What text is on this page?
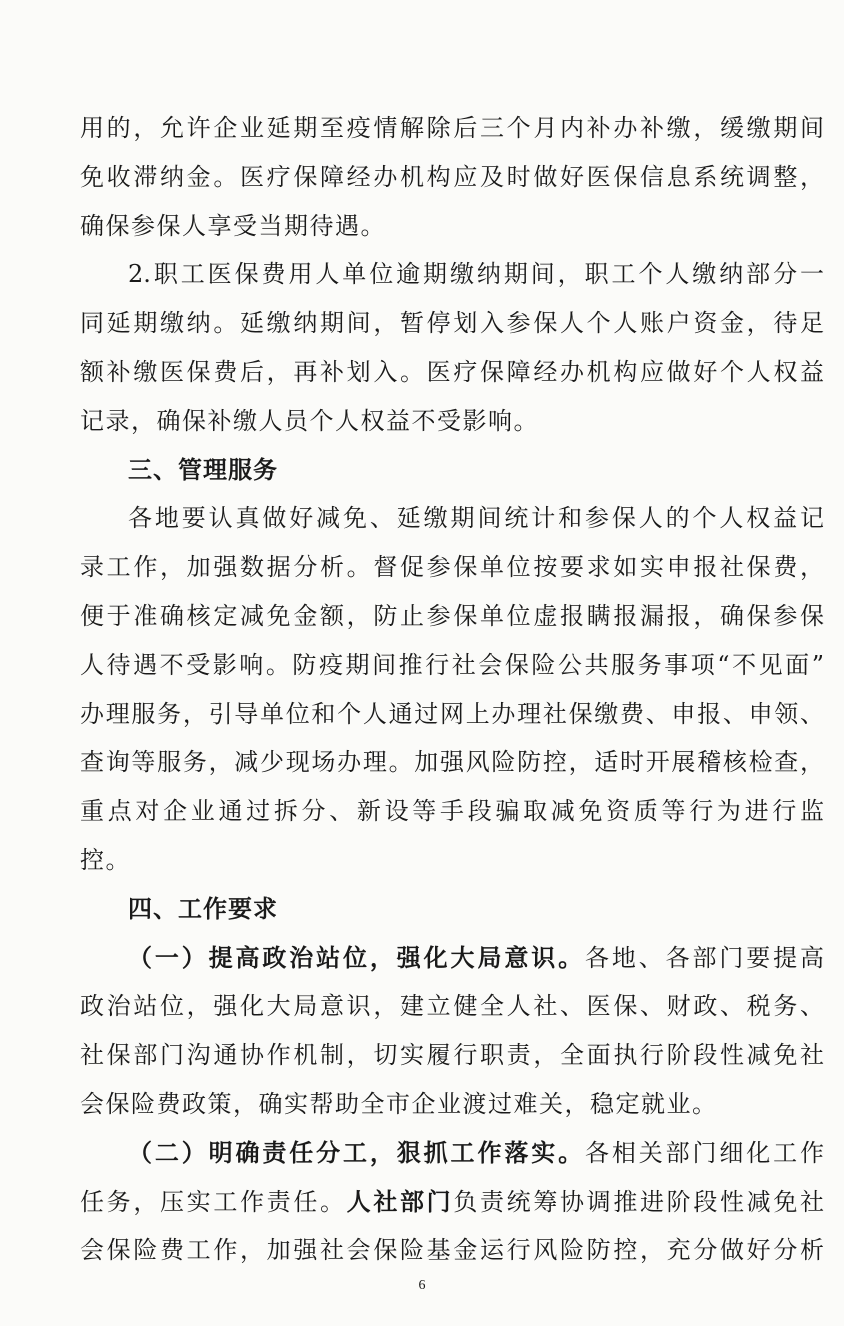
用的，允许企业延期至疫情解除后三个月内补办补缴，缓缴期间
免收滞纳金。医疗保障经办机构应及时做好医保信息系统调整，
确保参保人享受当期待遇。
2.职工医保费用人单位逾期缴纳期间，职工个人缴纳部分一
同延期缴纳。延缴纳期间，暂停划入参保人个人账户资金，待足
额补缴医保费后，再补划入。医疗保障经办机构应做好个人权益
记录，确保补缴人员个人权益不受影响。
三、管理服务
各地要认真做好减免、延缴期间统计和参保人的个人权益记
录工作，加强数据分析。督促参保单位按要求如实申报社保费，
便于准确核定减免金额，防止参保单位虚报瞒报漏报，确保参保
人待遇不受影响。防疫期间推行社会保险公共服务事项“不见面”
办理服务，引导单位和个人通过网上办理社保缴费、申报、申领、
查询等服务，减少现场办理。加强风险防控，适时开展稽核检查，
重点对企业通过拆分、新设等手段骗取减免资质等行为进行监
控。
四、工作要求
（一）提高政治站位，强化大局意识。各地、各部门要提高
政治站位，强化大局意识，建立健全人社、医保、财政、税务、
社保部门沟通协作机制，切实履行职责，全面执行阶段性减免社
会保险费政策，确实帮助全市企业渡过难关，稳定就业。
（二）明确责任分工，狠抓工作落实。各相关部门细化工作
任务，压实工作责任。人社部门负责统筹协调推进阶段性减免社
会保险费工作，加强社会保险基金运行风险防控，充分做好分析
6
